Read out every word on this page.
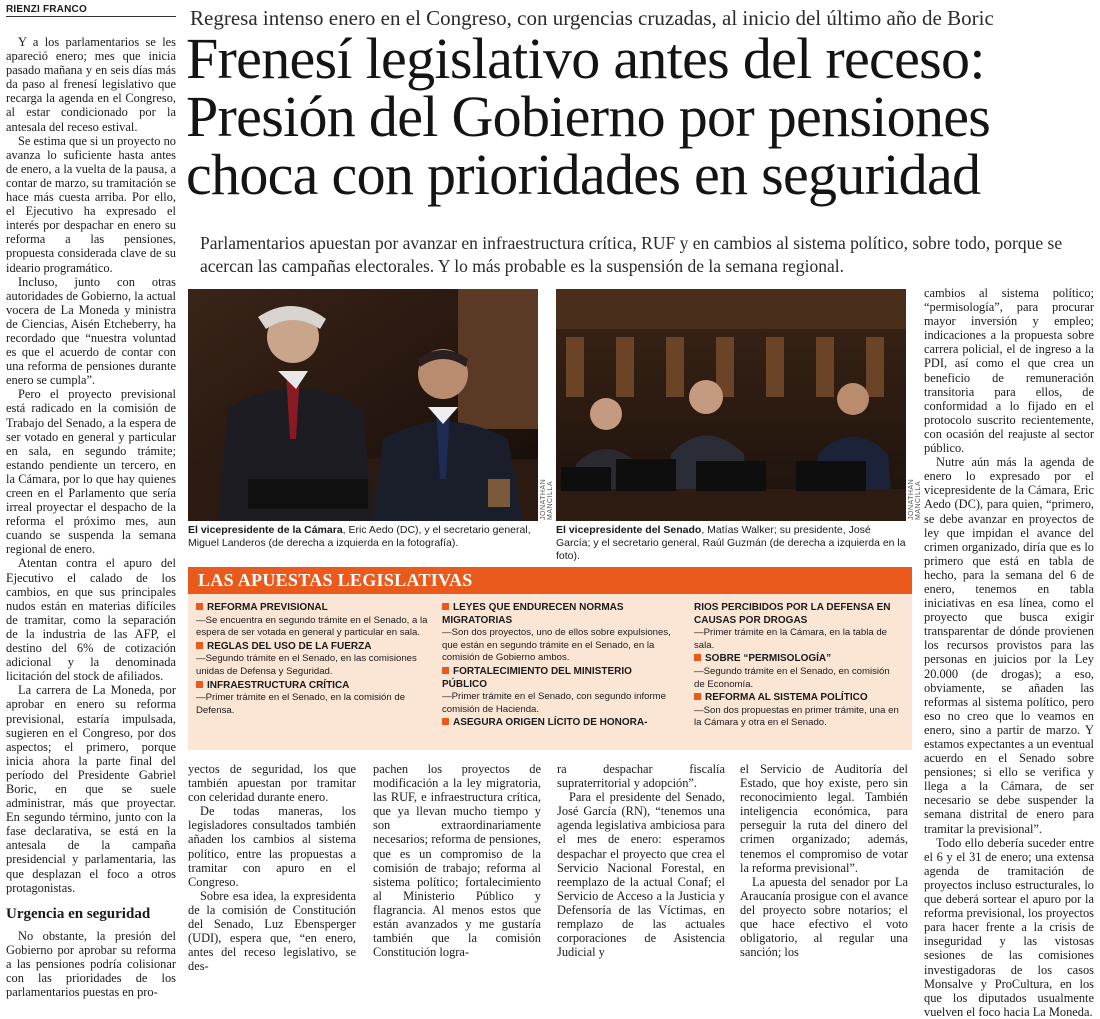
RIENZI FRANCO	Regresa intenso enero en el Congreso, con urgencias cruzadas, al inicio del último año de Boric
Frenesí legislativo antes del receso: Presión del Gobierno por pensiones choca con prioridades en seguridad
Parlamentarios apuestan por avanzar en infraestructura crítica, RUF y en cambios al sistema político, sobre todo, porque se acercan las campañas electorales. Y lo más probable es la suspensión de la semana regional.

Y a los parlamentarios se les apareció enero; mes que inicia pasado mañana y en seis días más da paso al frenesí legislativo que recarga la agenda en el Congreso, al estar condicionado por la antesala del receso estival.

Se estima que si un proyecto no avanza lo suficiente hasta antes de enero, a la vuelta de la pausa, a contar de marzo, su tramitación se hace más cuesta arriba. Por ello, el Ejecutivo ha expresado el interés por despachar en enero su reforma a las pensiones, propuesta considerada clave de su ideario programático.

Incluso, junto con otras autoridades de Gobierno, la actual vocera de La Moneda y ministra de Ciencias, Aisén Etcheberry, ha recordado que “nuestra voluntad es que el acuerdo de contar con una reforma de pensiones durante enero se cumpla”.

Pero el proyecto previsional está radicado en la comisión de Trabajo del Senado, a la espera de ser votado en general y particular en sala, en segundo trámite; estando pendiente un tercero, en la Cámara, por lo que hay quienes creen en el Parlamento que sería irreal proyectar el despacho de la reforma el próximo mes, aun cuando se suspenda la semana regional de enero.

Atentan contra el apuro del Ejecutivo el calado de los cambios, en que sus principales nudos están en materias difíciles de tramitar, como la separación de la industria de las AFP, el destino del 6% de cotización adicional y la denominada licitación del stock de afiliados.

La carrera de La Moneda, por aprobar en enero su reforma previsional, estaría impulsada, sugieren en el Congreso, por dos aspectos; el primero, porque inicia ahora la parte final del período del Presidente Gabriel Boric, en que se suele administrar, más que proyectar. En segundo término, junto con la fase declarativa, se está en la antesala de la campaña presidencial y parlamentaria, las que desplazan el foco a otros protagonistas.

Urgencia en seguridad

No obstante, la presión del Gobierno por aprobar su reforma a las pensiones podría colisionar con las prioridades de los parlamentarios puestas en pro-

JONATHAN MANCILLA	JONATHAN MANCILLA
El vicepresidente de la Cámara, Eric Aedo (DC), y el secretario general, Miguel Landeros (de derecha a izquierda en la fotografía).
El vicepresidente del Senado, Matías Walker; su presidente, José García; y el secretario general, Raúl Guzmán (de derecha a izquierda en la foto).
LAS APUESTAS LEGISLATIVAS
REFORMA PREVISIONAL
—Se encuentra en segundo trámite en el Senado, a la espera de ser votada en general y particular en sala.
REGLAS DEL USO DE LA FUERZA
—Segundo trámite en el Senado, en las comisiones unidas de Defensa y Seguridad.
INFRAESTRUCTURA CRÍTICA
—Primer trámite en el Senado, en la comisión de Defensa.
LEYES QUE ENDURECEN NORMAS MIGRATORIAS
—Son dos proyectos, uno de ellos sobre expulsiones, que están en segundo trámite en el Senado, en la comisión de Gobierno ambos.
FORTALECIMIENTO DEL MINISTERIO PÚBLICO
—Primer trámite en el Senado, con segundo informe comisión de Hacienda.
ASEGURA ORIGEN LÍCITO DE HONORA-
RIOS PERCIBIDOS POR LA DEFENSA EN CAUSAS POR DROGAS
—Primer trámite en la Cámara, en la tabla de sala.
SOBRE “PERMISOLOGÍA”
—Segundo trámite en el Senado, en comisión de Economía.
REFORMA AL SISTEMA POLÍTICO
—Son dos propuestas en primer trámite, una en la Cámara y otra en el Senado.

yectos de seguridad, los que también apuestan por tramitar con celeridad durante enero.

De todas maneras, los legisladores consultados también añaden los cambios al sistema político, entre las propuestas a tramitar con apuro en el Congreso.

Sobre esa idea, la expresidenta de la comisión de Constitución del Senado, Luz Ebensperger (UDI), espera que, “en enero, antes del receso legislativo, se des-

pachen los proyectos de modificación a la ley migratoria, las RUF, e infraestructura crítica, que ya llevan mucho tiempo y son extraordinariamente necesarios; reforma de pensiones, que es un compromiso de la comisión de trabajo; reforma al sistema político; fortalecimiento al Ministerio Público y flagrancia. Al menos estos que están avanzados y me gustaría también que la comisión Constitución logra-

ra despachar fiscalía supraterritorial y adopción”.

Para el presidente del Senado, José García (RN), “tenemos una agenda legislativa ambiciosa para el mes de enero: esperamos despachar el proyecto que crea el Servicio Nacional Forestal, en reemplazo de la actual Conaf; el Servicio de Acceso a la Justicia y Defensoría de las Víctimas, en remplazo de las actuales corporaciones de Asistencia Judicial y

el Servicio de Auditoría del Estado, que hoy existe, pero sin reconocimiento legal. También inteligencia económica, para perseguir la ruta del dinero del crimen organizado; además, tenemos el compromiso de votar la reforma previsional”.

La apuesta del senador por La Araucanía prosigue con el avance del proyecto sobre notarios; el que hace efectivo el voto obligatorio, al regular una sanción; los

cambios al sistema político; “permisología”, para procurar mayor inversión y empleo; indicaciones a la propuesta sobre carrera policial, el de ingreso a la PDI, así como el que crea un beneficio de remuneración transitoria para ellos, de conformidad a lo fijado en el protocolo suscrito recientemente, con ocasión del reajuste al sector público.

Nutre aún más la agenda de enero lo expresado por el vicepresidente de la Cámara, Eric Aedo (DC), para quien, “primero, se debe avanzar en proyectos de ley que impidan el avance del crimen organizado, diría que es lo primero que está en tabla de hecho, para la semana del 6 de enero, tenemos en tabla iniciativas en esa línea, como el proyecto que busca exigir transparentar de dónde provienen los recursos provistos para las personas en juicios por la Ley 20.000 (de drogas); a eso, obviamente, se añaden las reformas al sistema político, pero eso no creo que lo veamos en enero, sino a partir de marzo. Y estamos expectantes a un eventual acuerdo en el Senado sobre pensiones; si ello se verifica y llega a la Cámara, de ser necesario se debe suspender la semana distrital de enero para tramitar la previsional”.

Todo ello debería suceder entre el 6 y el 31 de enero; una extensa agenda de tramitación de proyectos incluso estructurales, lo que deberá sortear el apuro por la reforma previsional, los proyectos para hacer frente a la crisis de inseguridad y las vistosas sesiones de las comisiones investigadoras de los casos Monsalve y ProCultura, en los que los diputados usualmente vuelven el foco hacia La Moneda.
